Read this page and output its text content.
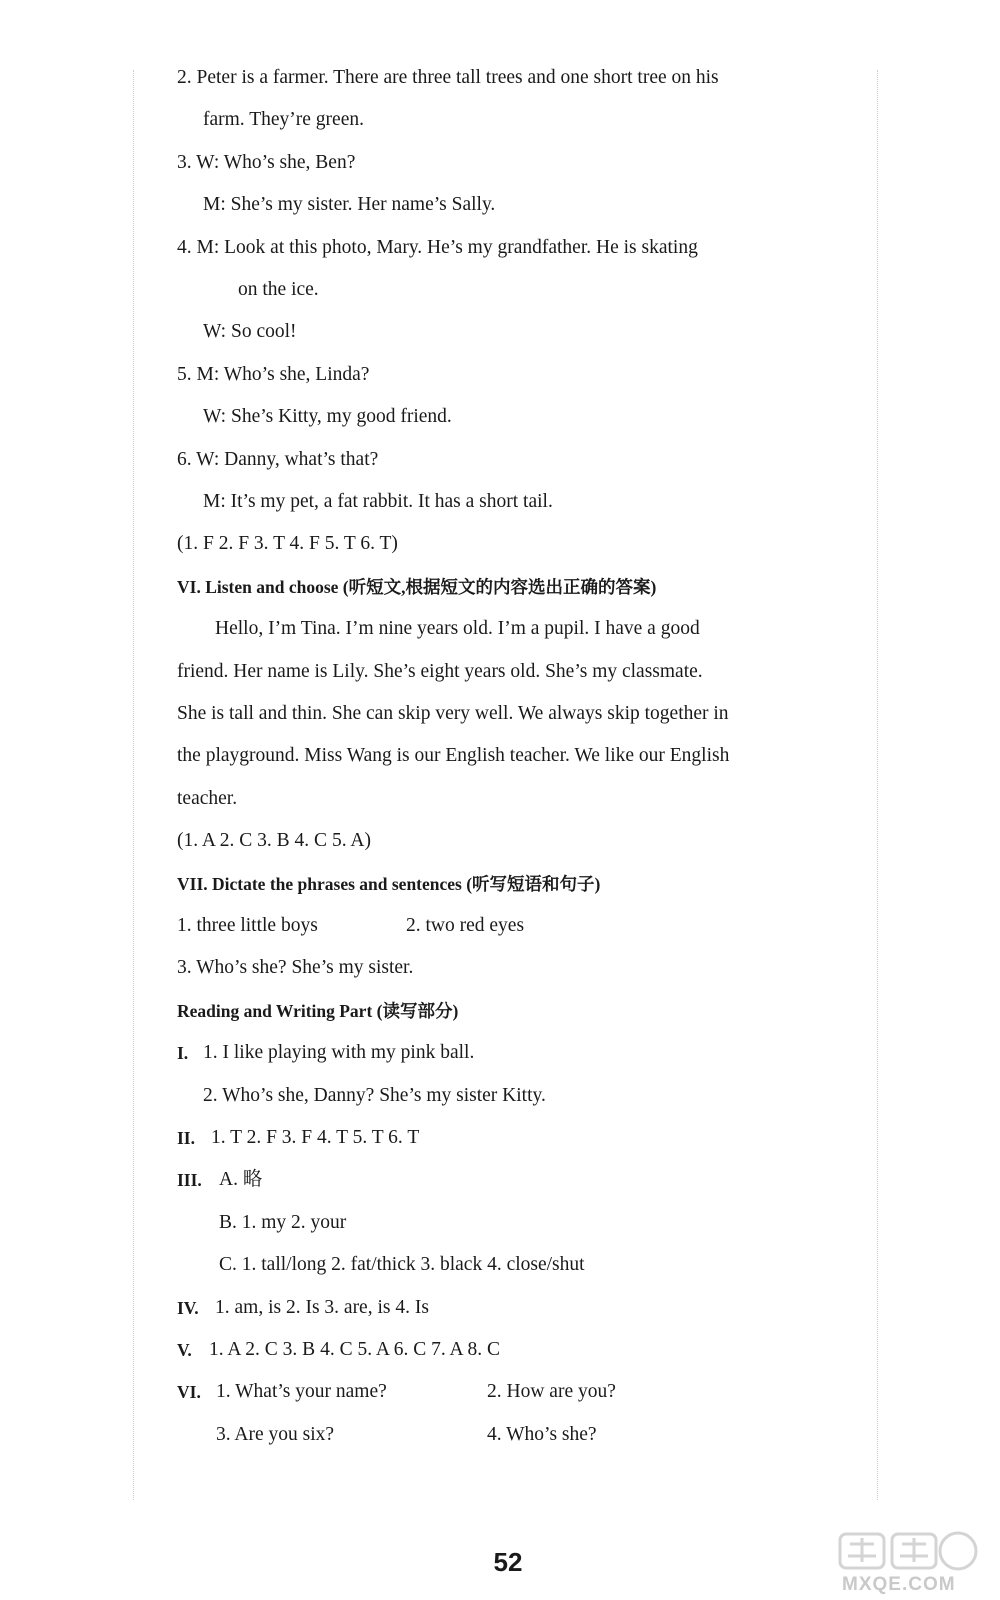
2. Peter is a farmer. There are three tall trees and one short tree on his
farm. They’re green.
3. W: Who’s she, Ben?
M: She’s my sister. Her name’s Sally.
4. M: Look at this photo, Mary. He’s my grandfather. He is skating
on the ice.
W: So cool!
5. M: Who’s she, Linda?
W: She’s Kitty, my good friend.
6. W: Danny, what’s that?
M: It’s my pet, a fat rabbit. It has a short tail.
(1. F 2. F 3. T 4. F 5. T 6. T)
VI. Listen and choose (听短文,根据短文的内容选出正确的答案)
Hello, I’m Tina. I’m nine years old. I’m a pupil. I have a good
friend. Her name is Lily. She’s eight years old. She’s my classmate.
She is tall and thin. She can skip very well. We always skip together in
the playground. Miss Wang is our English teacher. We like our English
teacher.
(1. A 2. C 3. B 4. C 5. A)
VII. Dictate the phrases and sentences (听写短语和句子)
1. three little boys	2. two red eyes
3. Who’s she? She’s my sister.
Reading and Writing Part (读写部分)
I. 1. I like playing with my pink ball.
2. Who’s she, Danny? She’s my sister Kitty.
II. 1. T 2. F 3. F 4. T 5. T 6. T
III. A. 略
B. 1. my 2. your
C. 1. tall/long 2. fat/thick 3. black 4. close/shut
IV. 1. am, is 2. Is 3. are, is 4. Is
V. 1. A 2. C 3. B 4. C 5. A 6. C 7. A 8. C
VI. 1. What’s your name?	2. How are you?
3. Are you six?	4. Who’s she?
52
MXQE.COM
